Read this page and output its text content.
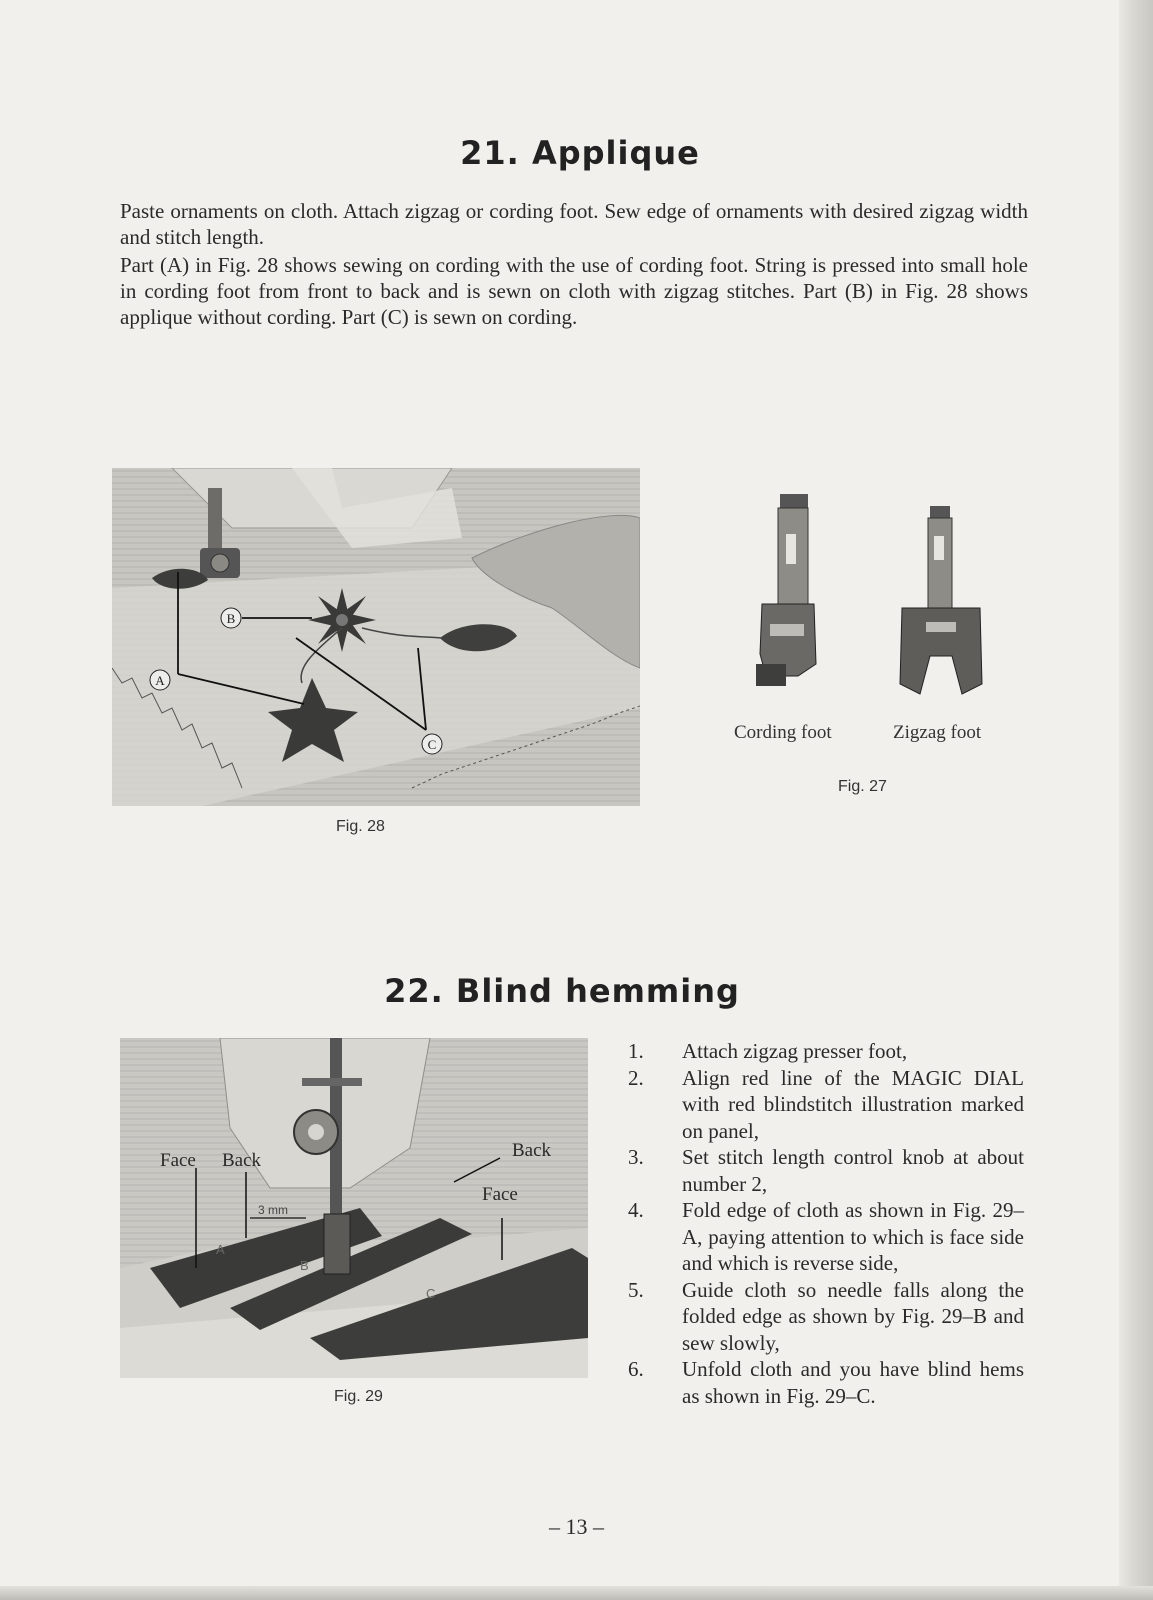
21. Applique

Paste ornaments on cloth. Attach zigzag or cording foot. Sew edge of ornaments with desired zigzag width and stitch length.

Part (A) in Fig. 28 shows sewing on cording with the use of cording foot. String is pressed into small hole in cording foot from front to back and is sewn on cloth with zigzag stitches. Part (B) in Fig. 28 shows applique without cording. Part (C) is sewn on cording.

B
A
C
Fig. 28
Cording foot	Zigzag foot
Fig. 27
22. Blind hemming
Face Back	Back
Face
3 mm
A
B
C
Fig. 29
1. Attach zigzag presser foot,
2. Align red line of the MAGIC DIAL with red blindstitch illustration marked on panel,
3. Set stitch length control knob at about number 2,
4. Fold edge of cloth as shown in Fig. 29–A, paying attention to which is face side and which is reverse side,
5. Guide cloth so needle falls along the folded edge as shown by Fig. 29–B and sew slowly,
6. Unfold cloth and you have blind hems as shown in Fig. 29–C.
– 13 –
